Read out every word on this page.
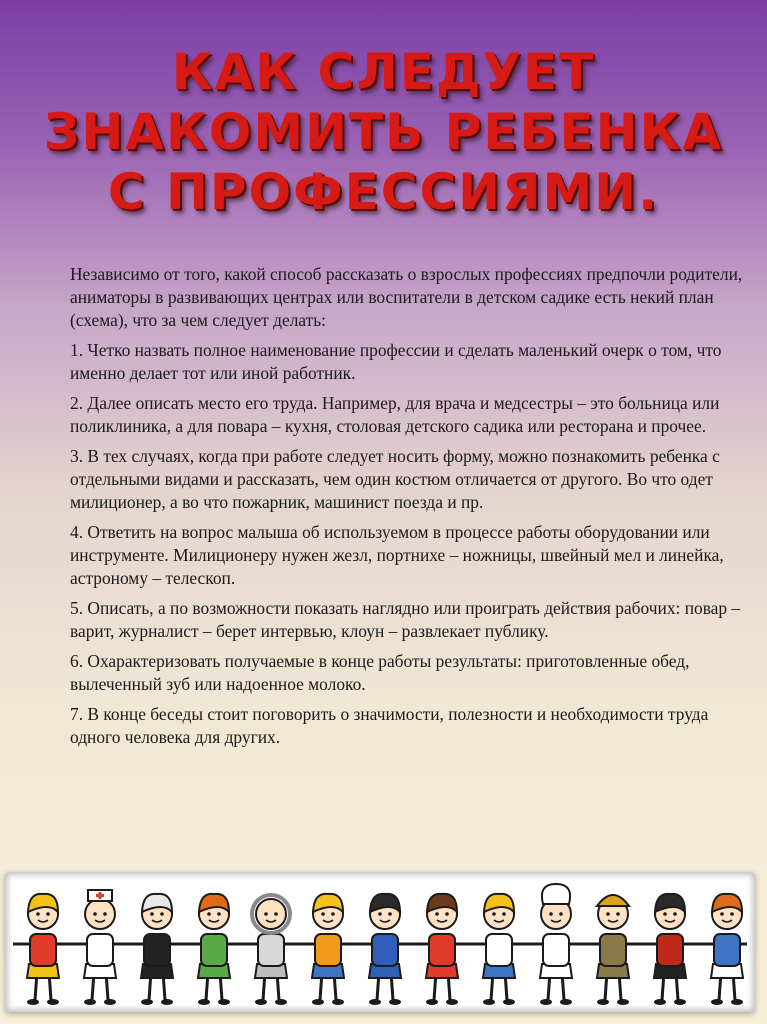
КАК СЛЕДУЕТ ЗНАКОМИТЬ РЕБЕНКА С ПРОФЕССИЯМИ.

Независимо от того, какой способ рассказать о взрослых профессиях предпочли родители, аниматоры в развивающих центрах или воспитатели в детском садике есть некий план (схема), что за чем следует делать:

1. Четко назвать полное наименование профессии и сделать маленький очерк о том, что именно делает тот или иной работник.

2. Далее описать место его труда. Например, для врача и медсестры – это больница или поликлиника, а для повара – кухня, столовая детского садика или ресторана и прочее.

3. В тех случаях, когда при работе следует носить форму, можно познакомить ребенка с отдельными видами и рассказать, чем один костюм отличается от другого. Во что одет милиционер, а во что пожарник, машинист поезда и пр.

4. Ответить на вопрос малыша об используемом в процессе работы оборудовании или инструменте. Милиционеру нужен жезл, портнихе – ножницы, швейный мел и линейка, астроному – телескоп.

5. Описать, а по возможности показать наглядно или проиграть действия рабочих: повар – варит, журналист – берет интервью, клоун – развлекает публику.

6. Охарактеризовать получаемые в конце работы результаты: приготовленные обед, вылеченный зуб или надоенное молоко.

7. В конце беседы стоит поговорить о значимости, полезности и необходимости труда одного человека для других.
